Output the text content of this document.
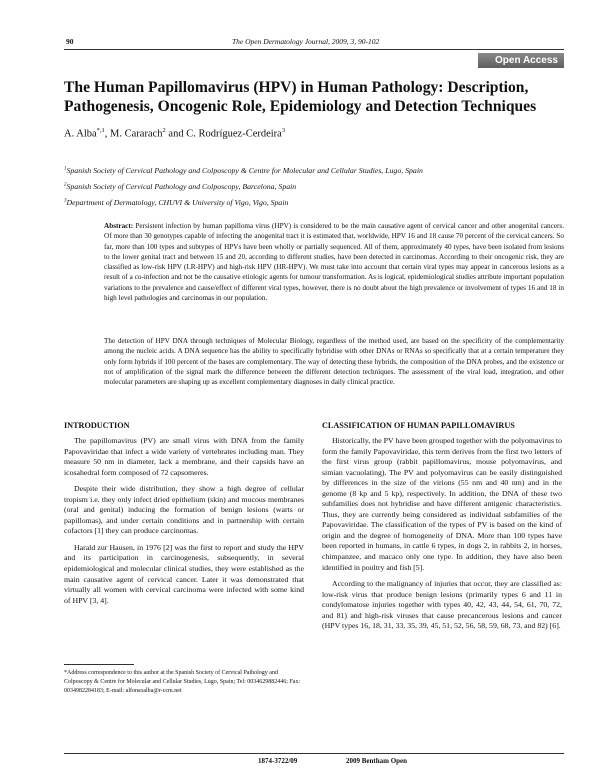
90	The Open Dermatology Journal, 2009, 3, 90-102
Open Access
The Human Papillomavirus (HPV) in Human Pathology: Description, Pathogenesis, Oncogenic Role, Epidemiology and Detection Techniques
A. Alba$^{*,1}$, M. Cararach$^2$ and C. Rodríguez-Cerdeira$^3$
$^1$Spanish Society of Cervical Pathology and Colposcopy & Centre for Molecular and Cellular Studies, Lugo, Spain
$^2$Spanish Society of Cervical Pathology and Colposcopy, Barcelona, Spain
$^3$Department of Dermatology, CHUVI & University of Vigo, Vigo, Spain

Abstract: Persistent infection by human papilloma virus (HPV) is considered to be the main causative agent of cervical cancer and other anogenital cancers. Of more than 30 genotypes capable of infecting the anogenital tract it is estimated that, worldwide, HPV 16 and 18 cause 70 percent of the cervical cancers. So far, more than 100 types and subtypes of HPVs have been wholly or partially sequenced. All of them, approximately 40 types, have been isolated from lesions to the lower genital tract and between 15 and 20, according to different studies, have been detected in carcinomas. According to their oncogenic risk, they are classified as low-risk HPV (LR-HPV) and high-risk HPV (HR-HPV). We must take into account that certain viral types may appear in cancerous lesions as a result of a co-infection and not be the causative etiologic agents for tumour transformation. As is logical, epidemiological studies attribute important population variations to the prevalence and cause/effect of different viral types, however, there is no doubt about the high prevalence or involvement of types 16 and 18 in high level pathologies and carcinomas in our population.

The detection of HPV DNA through techniques of Molecular Biology, regardless of the method used, are based on the specificity of the complementarity among the nucleic acids. A DNA sequence has the ability to specifically hybridise with other DNAs or RNAs so specifically that at a certain temperature they only form hybrids if 100 percent of the bases are complementary. The way of detecting these hybrids, the composition of the DNA probes, and the existence or not of amplification of the signal mark the difference between the different detection techniques. The assessment of the viral load, integration, and other molecular parameters are shaping up as excellent complementary diagnoses in daily clinical practice.

INTRODUCTION

The papillomavirus (PV) are small virus with DNA from the family Papovaviridae that infect a wide variety of vertebrates including man. They measure 50 nm in diameter, lack a membrane, and their capsids have an icosahedral form composed of 72 capsomeres.

Despite their wide distribution, they show a high degree of cellular tropism i.e. they only infect dried epithelium (skin) and mucous membranes (oral and genital) inducing the formation of benign lesions (warts or papillomas), and under certain conditions and in partnership with certain cofactors [1] they can produce carcinomas.

Harald zur Hausen, in 1976 [2] was the first to report and study the HPV and its participation in carcinogenesis, subsequently, in several epidemiological and molecular clinical studies, they were established as the main causative agent of cervical cancer. Later it was demonstrated that virtually all women with cervical carcinoma were infected with some kind of HPV [3, 4].

*Address correspondence to this author at the Spanish Society of Cervical Pathology and Colposcopy & Centre for Molecular and Cellular Studies, Lugo, Spain; Tel: 0034629882446; Fax: 0034982284183; E-mail: alfonsoalba@r-ccm.net

CLASSIFICATION OF HUMAN PAPILLOMAVIRUS

Historically, the PV have been grouped together with the polyomavirus to form the family Papovaviridae, this term derives from the first two letters of the first virus group (rabbit papillomavirus, mouse polyomavirus, and simian vacuolating). The PV and polyomavirus can be easily distinguished by differences in the size of the virions (55 nm and 40 nm) and in the genome (8 kp and 5 kp), respectively. In addition, the DNA of these two subfamilies does not hybridise and have different antigenic characteristics. Thus, they are currently being considered as individual subfamilies of the Papovaviridae. The classification of the types of PV is based on the kind of origin and the degree of homogeneity of DNA. More than 100 types have been reported in humans, in cattle 6 types, in dogs 2, in rabbits 2, in horses, chimpanzee, and macaco only one type. In addition, they have also been identified in poultry and fish [5].

According to the malignancy of injuries that occur, they are classified as: low-risk virus that produce benign lesions (primarily types 6 and 11 in condylomatose injuries together with types 40, 42, 43, 44, 54, 61, 70, 72, and 81) and high-risk viruses that cause precancerous lesions and cancer (HPV types 16, 18, 31, 33, 35, 39, 45, 51, 52, 56, 58, 59, 68, 73, and 82) [6].

1874-3722/09	2009 Bentham Open
